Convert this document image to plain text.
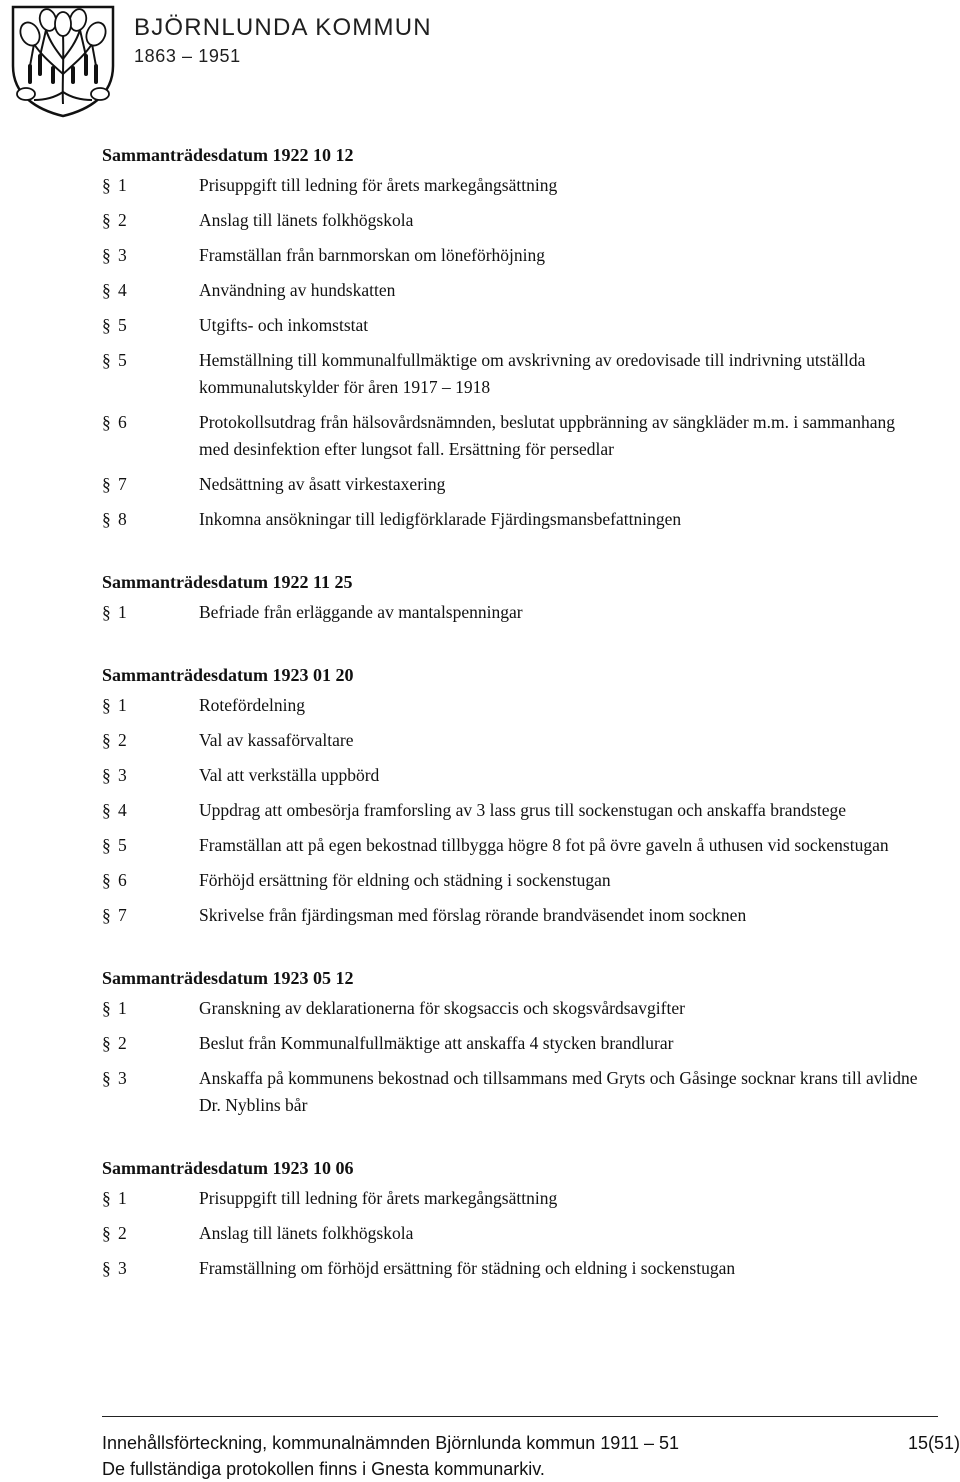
BJÖRNLUNDA KOMMUN
1863 – 1951
Sammanträdesdatum 1922 10 12
§ 1	Prisuppgift till ledning för årets markegångsättning
§ 2	Anslag till länets folkhögskola
§ 3	Framställan från barnmorskan om löneförhöjning
§ 4	Användning av hundskatten
§ 5	Utgifts- och inkomststat
§ 5	Hemställning till kommunalfullmäktige om avskrivning av oredovisade till indrivning utställda kommunalutskylder för åren 1917 – 1918
§ 6	Protokollsutdrag från hälsovårdsnämnden, beslutat uppbränning av sängkläder m.m. i sammanhang med desinfektion efter lungsot fall. Ersättning för persedlar
§ 7	Nedsättning av åsatt virkestaxering
§ 8	Inkomna ansökningar till ledigförklarade Fjärdingsmansbefattningen
Sammanträdesdatum 1922 11 25
§ 1	Befriade från erläggande av mantalspenningar
Sammanträdesdatum 1923 01 20
§ 1	Rotefördelning
§ 2	Val av kassaförvaltare
§ 3	Val att verkställa uppbörd
§ 4	Uppdrag att ombesörja framforsling av 3 lass grus till sockenstugan och anskaffa brandstege
§ 5	Framställan att på egen bekostnad tillbygga högre 8 fot på övre gaveln å uthusen vid sockenstugan
§ 6	Förhöjd ersättning för eldning och städning i sockenstugan
§ 7	Skrivelse från fjärdingsman med förslag rörande brandväsendet inom socknen
Sammanträdesdatum 1923 05 12
§ 1	Granskning av deklarationerna för skogsaccis och skogsvårdsavgifter
§ 2	Beslut från Kommunalfullmäktige att anskaffa 4 stycken brandlurar
§ 3	Anskaffa på kommunens bekostnad och tillsammans med Gryts och Gåsinge socknar krans till avlidne Dr. Nyblins bår
Sammanträdesdatum 1923 10 06
§ 1	Prisuppgift till ledning för årets markegångsättning
§ 2	Anslag till länets folkhögskola
§ 3	Framställning om förhöjd ersättning för städning och eldning i sockenstugan
Innehållsförteckning, kommunalnämnden Björnlunda kommun 1911 – 51
De fullständiga protokollen finns i Gnesta kommunarkiv.
15(51)
